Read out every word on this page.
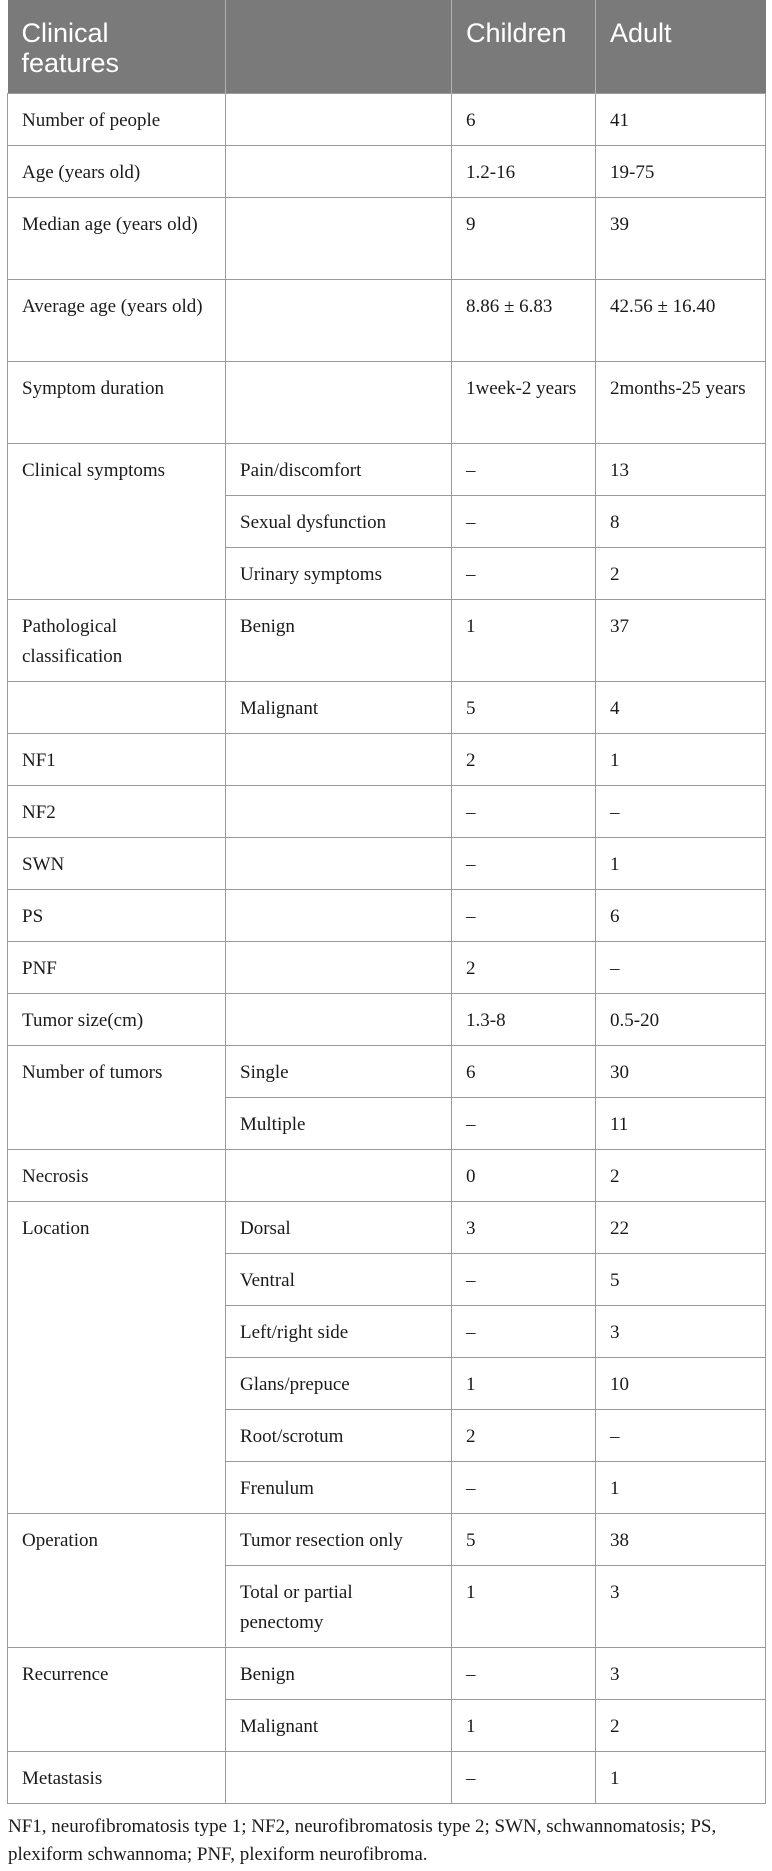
Clinical features		Children	Adult
Number of people		6	41
Age (years old)		1.2-16	19-75
Median age (years old)		9	39
Average age (years old)		8.86 ± 6.83	42.56 ± 16.40
Symptom duration		1week-2 years	2months-25 years
Clinical symptoms	Pain/discomfort	–	13
	Sexual dysfunction	–	8
	Urinary symptoms	–	2
Pathological classification	Benign	1	37
	Malignant	5	4
NF1		2	1
NF2		–	–
SWN		–	1
PS		–	6
PNF		2	–
Tumor size(cm)		1.3-8	0.5-20
Number of tumors	Single	6	30
	Multiple	–	11
Necrosis		0	2
Location	Dorsal	3	22
	Ventral	–	5
	Left/right side	–	3
	Glans/prepuce	1	10
	Root/scrotum	2	–
	Frenulum	–	1
Operation	Tumor resection only	5	38
	Total or partial penectomy	1	3
Recurrence	Benign	–	3
	Malignant	1	2
Metastasis		–	1
NF1, neurofibromatosis type 1; NF2, neurofibromatosis type 2; SWN, schwannomatosis; PS, plexiform schwannoma; PNF, plexiform neurofibroma.
